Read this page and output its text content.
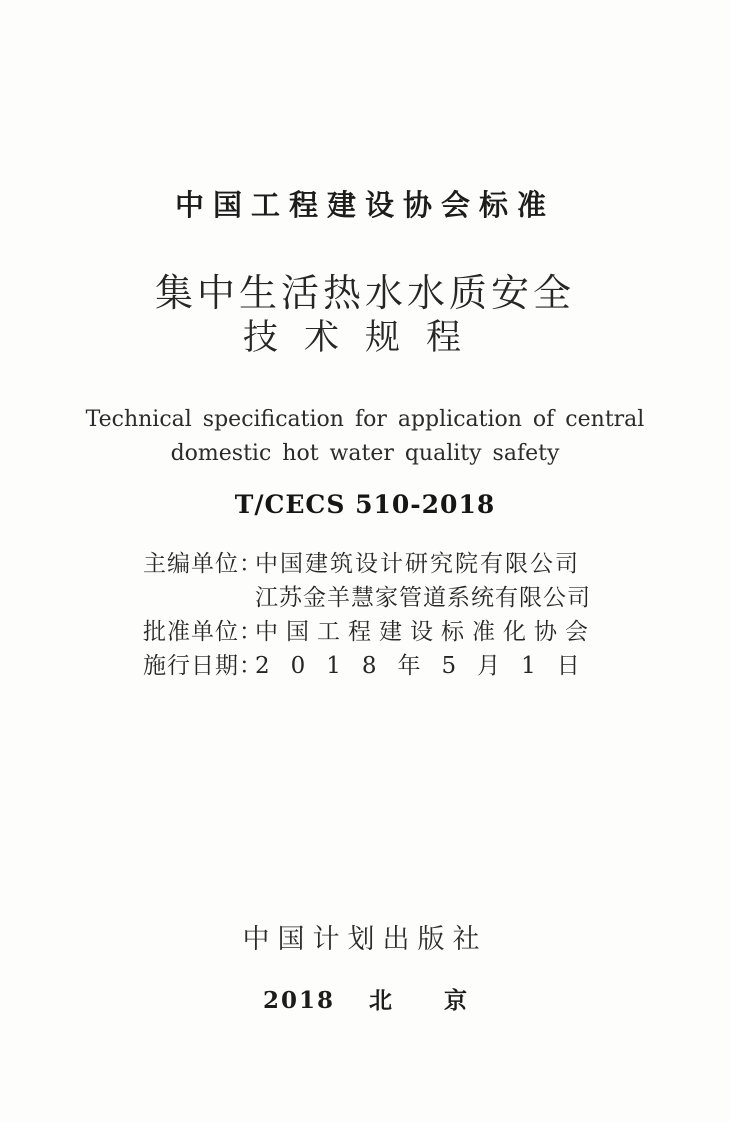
中国工程建设协会标准
集中生活热水水质安全
技术规程
Technical specification for application of central
domestic hot water quality safety
T/CECS 510-2018
主编单位：
中国建筑设计研究院有限公司
江苏金羊慧家管道系统有限公司
批准单位：
中国工程建设标准化协会
施行日期：
2018年5月1日
中国计划出版社
2018 北京
